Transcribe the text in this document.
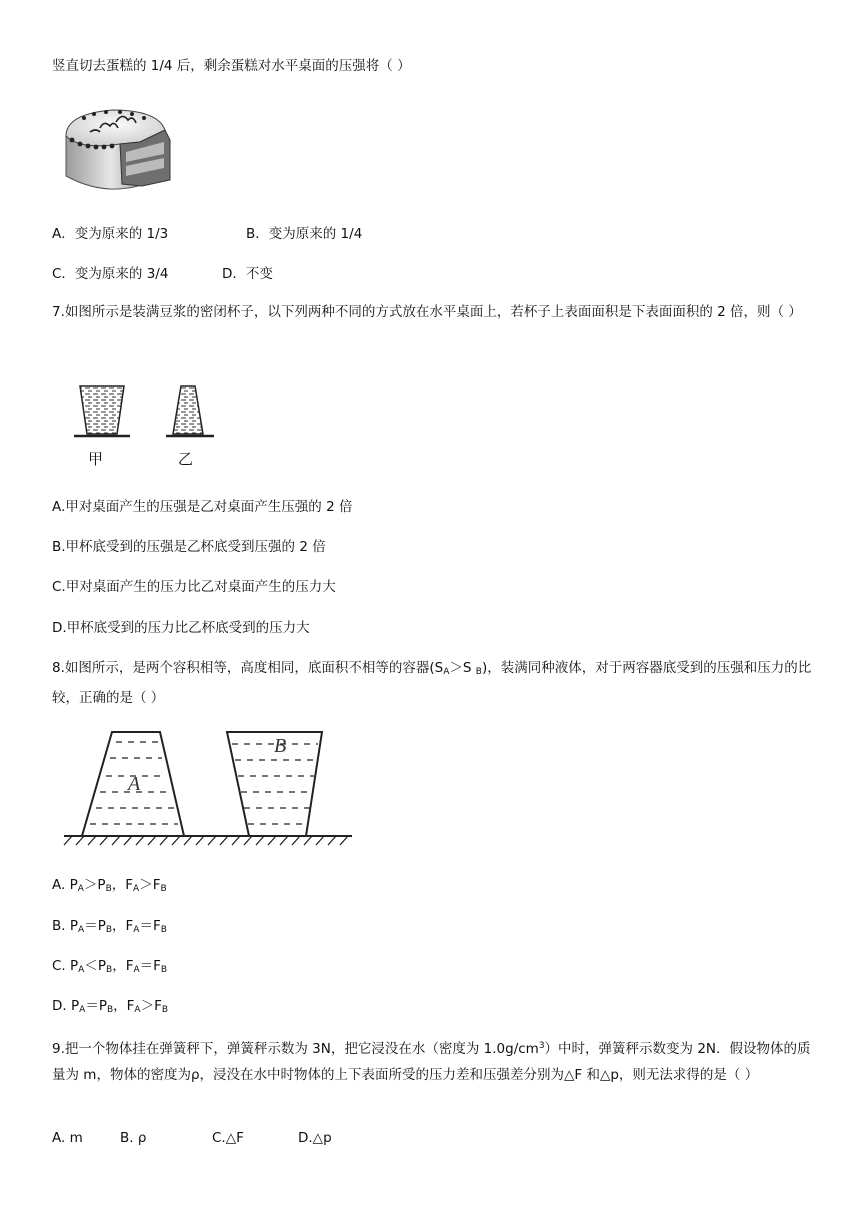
竖直切去蛋糕的 1/4 后，剩余蛋糕对水平桌面的压强将（ ）
A．变为原来的 1/3	B．变为原来的 1/4
C．变为原来的 3/4	D．不变
7.如图所示是装满豆浆的密闭杯子，以下列两种不同的方式放在水平桌面上，若杯子上表面面积是下表面面积的 2 倍，则（ ）
甲	乙
A.甲对桌面产生的压强是乙对桌面产生压强的 2 倍
B.甲杯底受到的压强是乙杯底受到压强的 2 倍
C.甲对桌面产生的压力比乙对桌面产生的压力大
D.甲杯底受到的压力比乙杯底受到的压力大
8.如图所示，是两个容积相等，高度相同，底面积不相等的容器($S_A>S$ $_B$)，装满同种液体，对于两容器底受到的压强和压力的比较，正确的是（ ）
A
B
A. $P_A>P_B$，$F_A>F_B$
B. $P_A=P_B$，$F_A=F_B$
C. $P_A<P_B$，$F_A=F_B$
D. $P_A=P_B$，$F_A>F_B$
9.把一个物体挂在弹簧秤下，弹簧秤示数为 3N，把它浸没在水（密度为 $1.0g/cm^3$）中时，弹簧秤示数变为 2N．假设物体的质量为 m，物体的密度为ρ，浸没在水中时物体的上下表面所受的压力差和压强差分别为△F 和△p，则无法求得的是（ ）
A. m	B. ρ	C.△F	D.△p
